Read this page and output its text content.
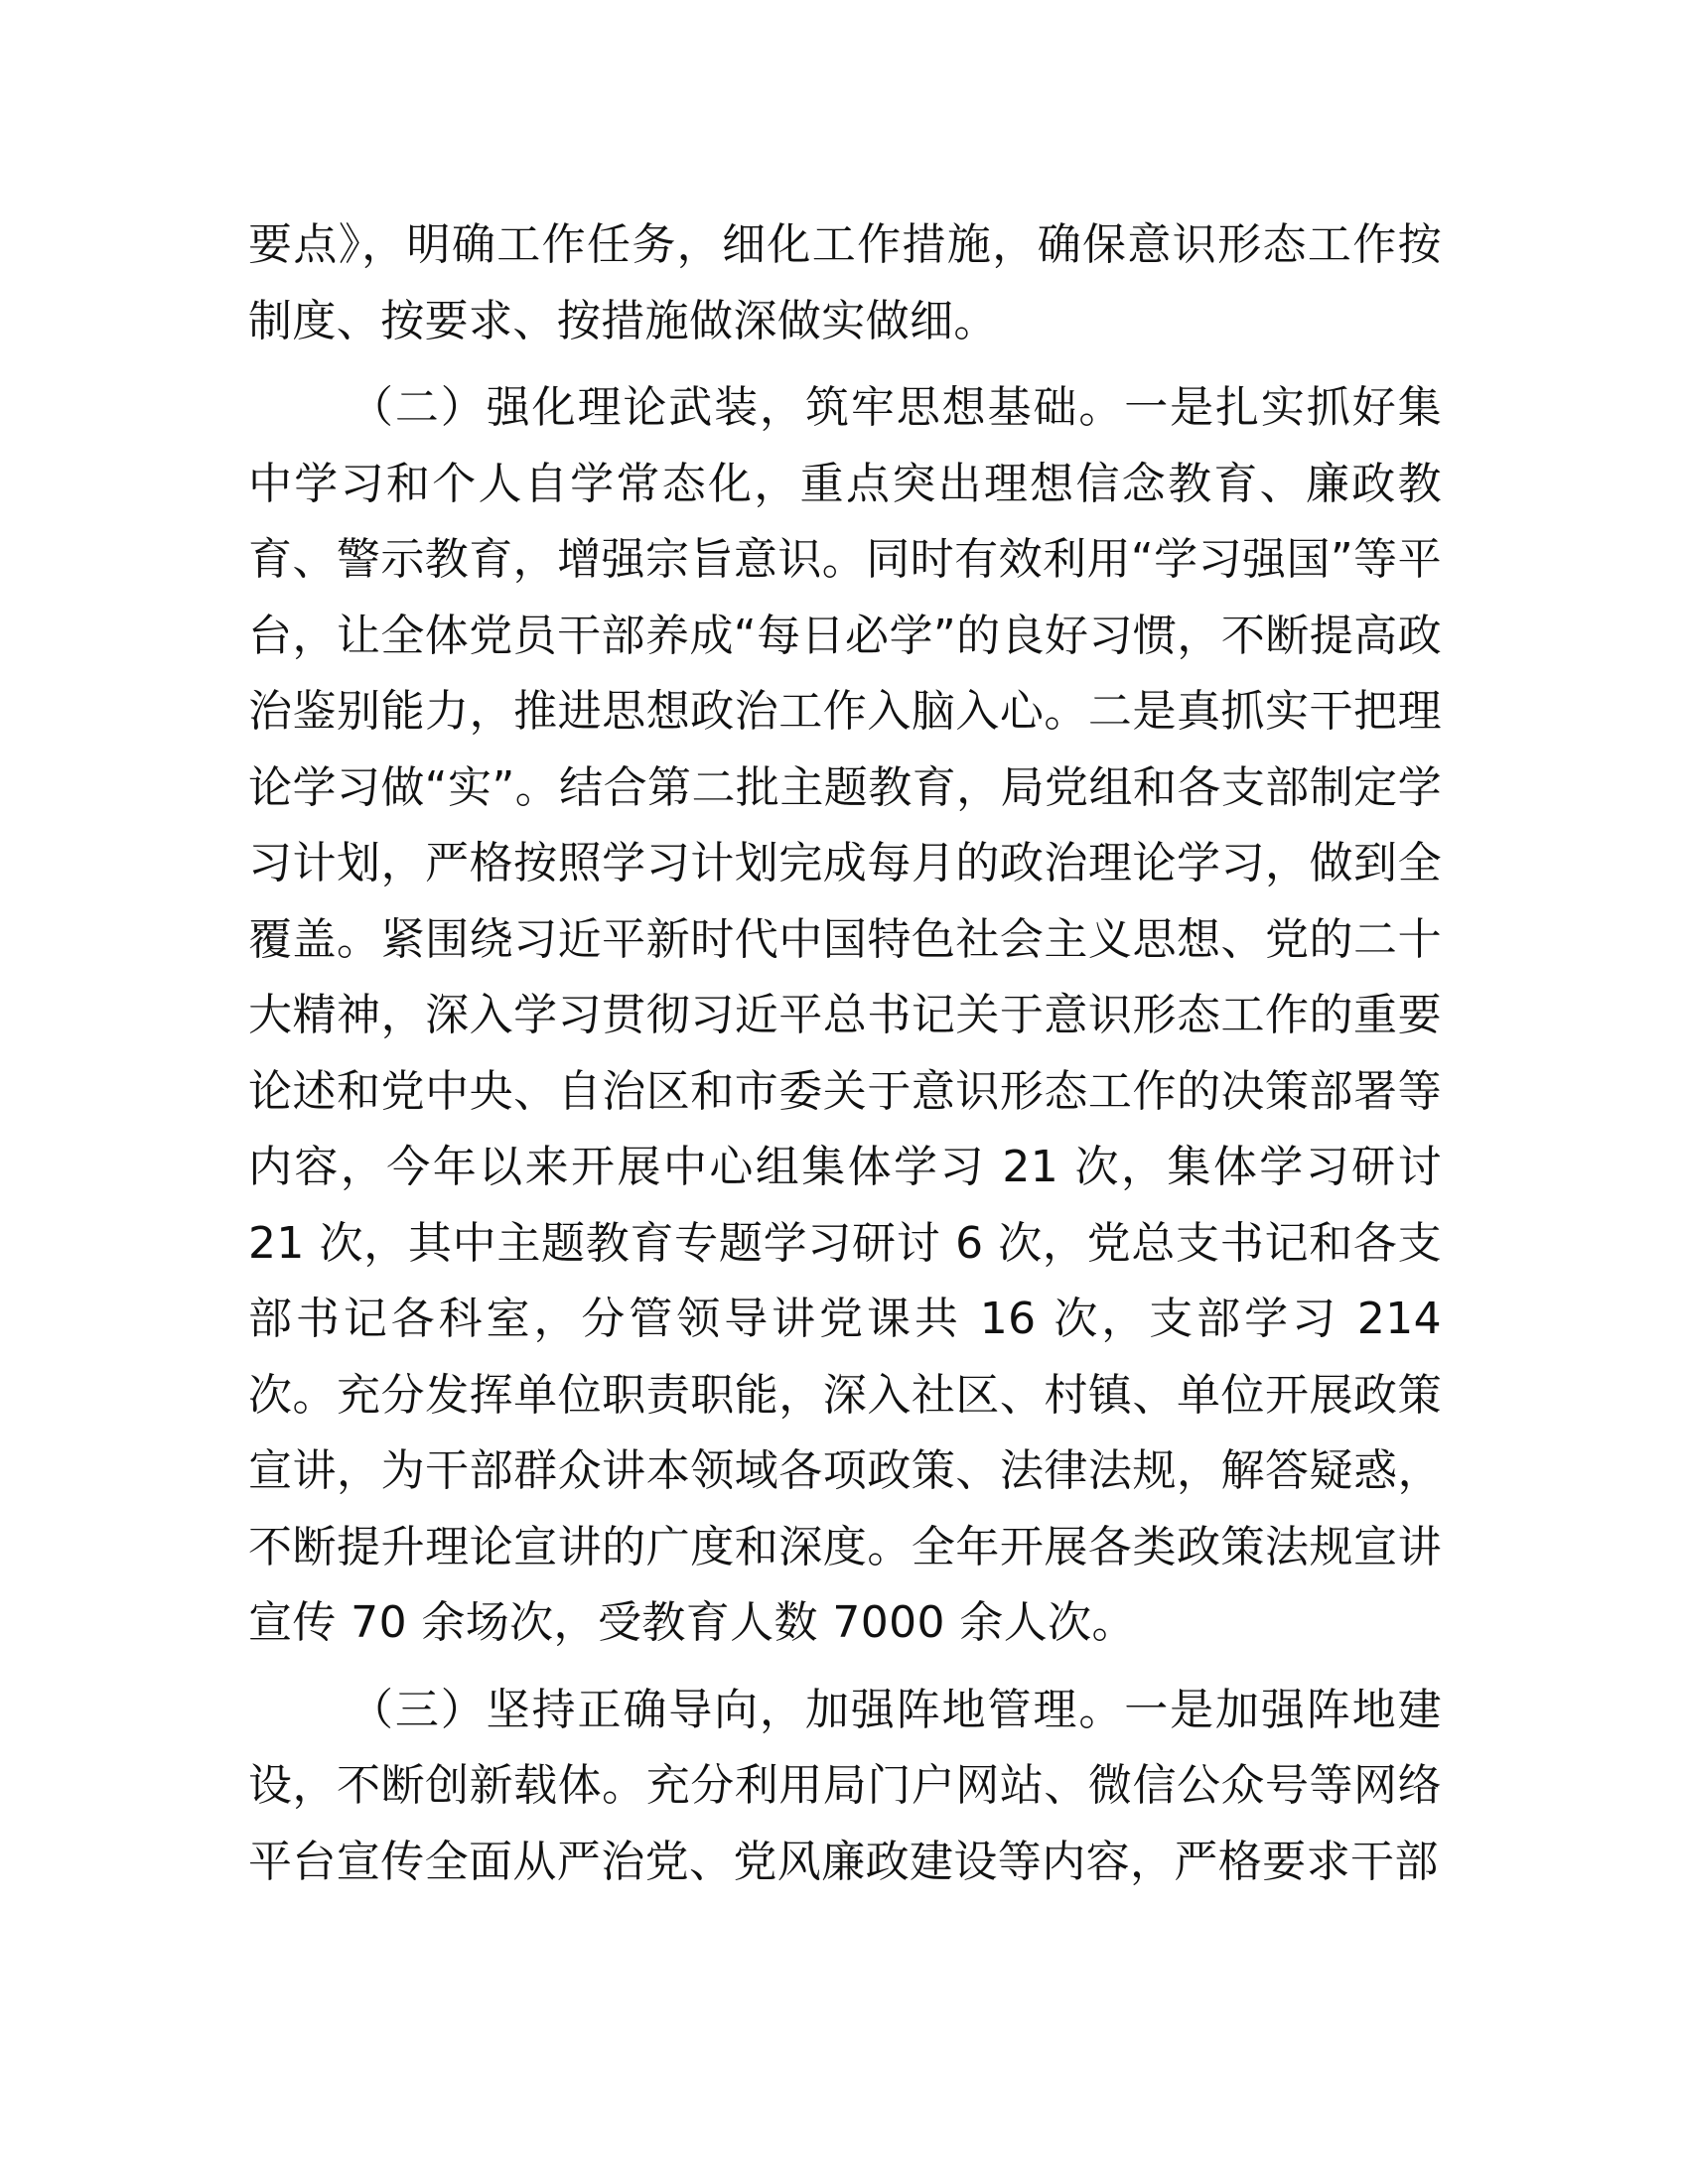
要点》，明确工作任务，细化工作措施，确保意识形态工作按制度、按要求、按措施做深做实做细。

（二）强化理论武装，筑牢思想基础。一是扎实抓好集中学习和个人自学常态化，重点突出理想信念教育、廉政教育、警示教育，增强宗旨意识。同时有效利用“学习强国”等平台，让全体党员干部养成“每日必学”的良好习惯，不断提高政治鉴别能力，推进思想政治工作入脑入心。二是真抓实干把理论学习做“实”。结合第二批主题教育，局党组和各支部制定学习计划，严格按照学习计划完成每月的政治理论学习，做到全覆盖。紧围绕习近平新时代中国特色社会主义思想、党的二十大精神，深入学习贯彻习近平总书记关于意识形态工作的重要论述和党中央、自治区和市委关于意识形态工作的决策部署等内容，今年以来开展中心组集体学习 21 次，集体学习研讨 21 次，其中主题教育专题学习研讨 6 次，党总支书记和各支部书记各科室，分管领导讲党课共 16 次，支部学习 214 次。充分发挥单位职责职能，深入社区、村镇、单位开展政策宣讲，为干部群众讲本领域各项政策、法律法规，解答疑惑，不断提升理论宣讲的广度和深度。全年开展各类政策法规宣讲宣传 70 余场次，受教育人数 7000 余人次。

（三）坚持正确导向，加强阵地管理。一是加强阵地建设，不断创新载体。充分利用局门户网站、微信公众号等网络平台宣传全面从严治党、党风廉政建设等内容，严格要求干部
